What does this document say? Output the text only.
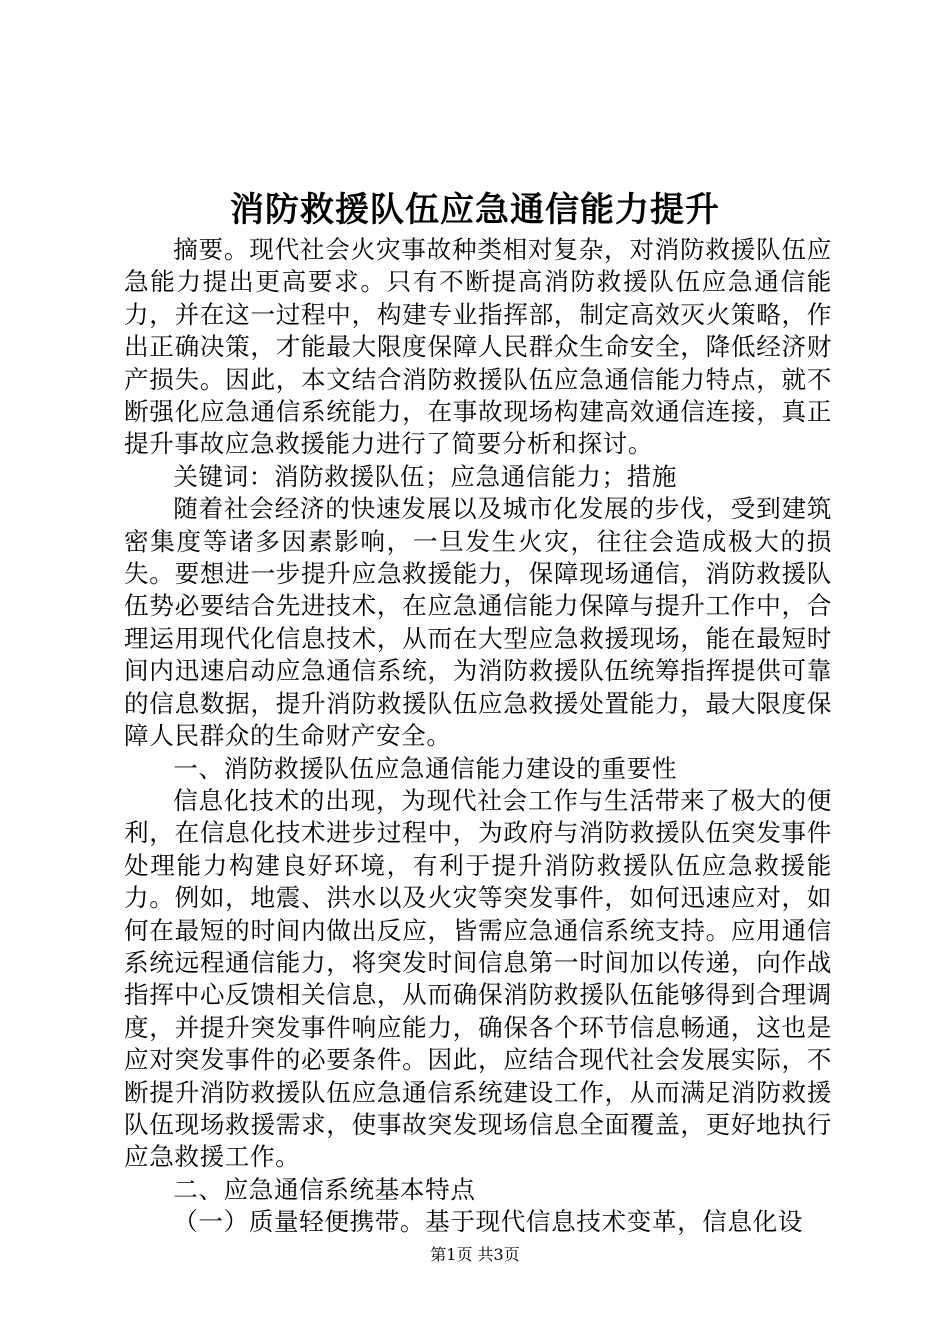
消防救援队伍应急通信能力提升

摘要。现代社会火灾事故种类相对复杂，对消防救援队伍应急能力提出更高要求。只有不断提高消防救援队伍应急通信能力，并在这一过程中，构建专业指挥部，制定高效灭火策略，作出正确决策，才能最大限度保障人民群众生命安全，降低经济财产损失。因此，本文结合消防救援队伍应急通信能力特点，就不断强化应急通信系统能力，在事故现场构建高效通信连接，真正提升事故应急救援能力进行了简要分析和探讨。

关键词：消防救援队伍；应急通信能力；措施

随着社会经济的快速发展以及城市化发展的步伐，受到建筑密集度等诸多因素影响，一旦发生火灾，往往会造成极大的损失。要想进一步提升应急救援能力，保障现场通信，消防救援队伍势必要结合先进技术，在应急通信能力保障与提升工作中，合理运用现代化信息技术，从而在大型应急救援现场，能在最短时间内迅速启动应急通信系统，为消防救援队伍统筹指挥提供可靠的信息数据，提升消防救援队伍应急救援处置能力，最大限度保障人民群众的生命财产安全。

一、消防救援队伍应急通信能力建设的重要性

信息化技术的出现，为现代社会工作与生活带来了极大的便利，在信息化技术进步过程中，为政府与消防救援队伍突发事件处理能力构建良好环境，有利于提升消防救援队伍应急救援能力。例如，地震、洪水以及火灾等突发事件，如何迅速应对，如何在最短的时间内做出反应，皆需应急通信系统支持。应用通信系统远程通信能力，将突发时间信息第一时间加以传递，向作战指挥中心反馈相关信息，从而确保消防救援队伍能够得到合理调度，并提升突发事件响应能力，确保各个环节信息畅通，这也是应对突发事件的必要条件。因此，应结合现代社会发展实际，不断提升消防救援队伍应急通信系统建设工作，从而满足消防救援队伍现场救援需求，使事故突发现场信息全面覆盖，更好地执行应急救援工作。

二、应急通信系统基本特点

（一）质量轻便携带。基于现代信息技术变革，信息化设

第1页 共3页
